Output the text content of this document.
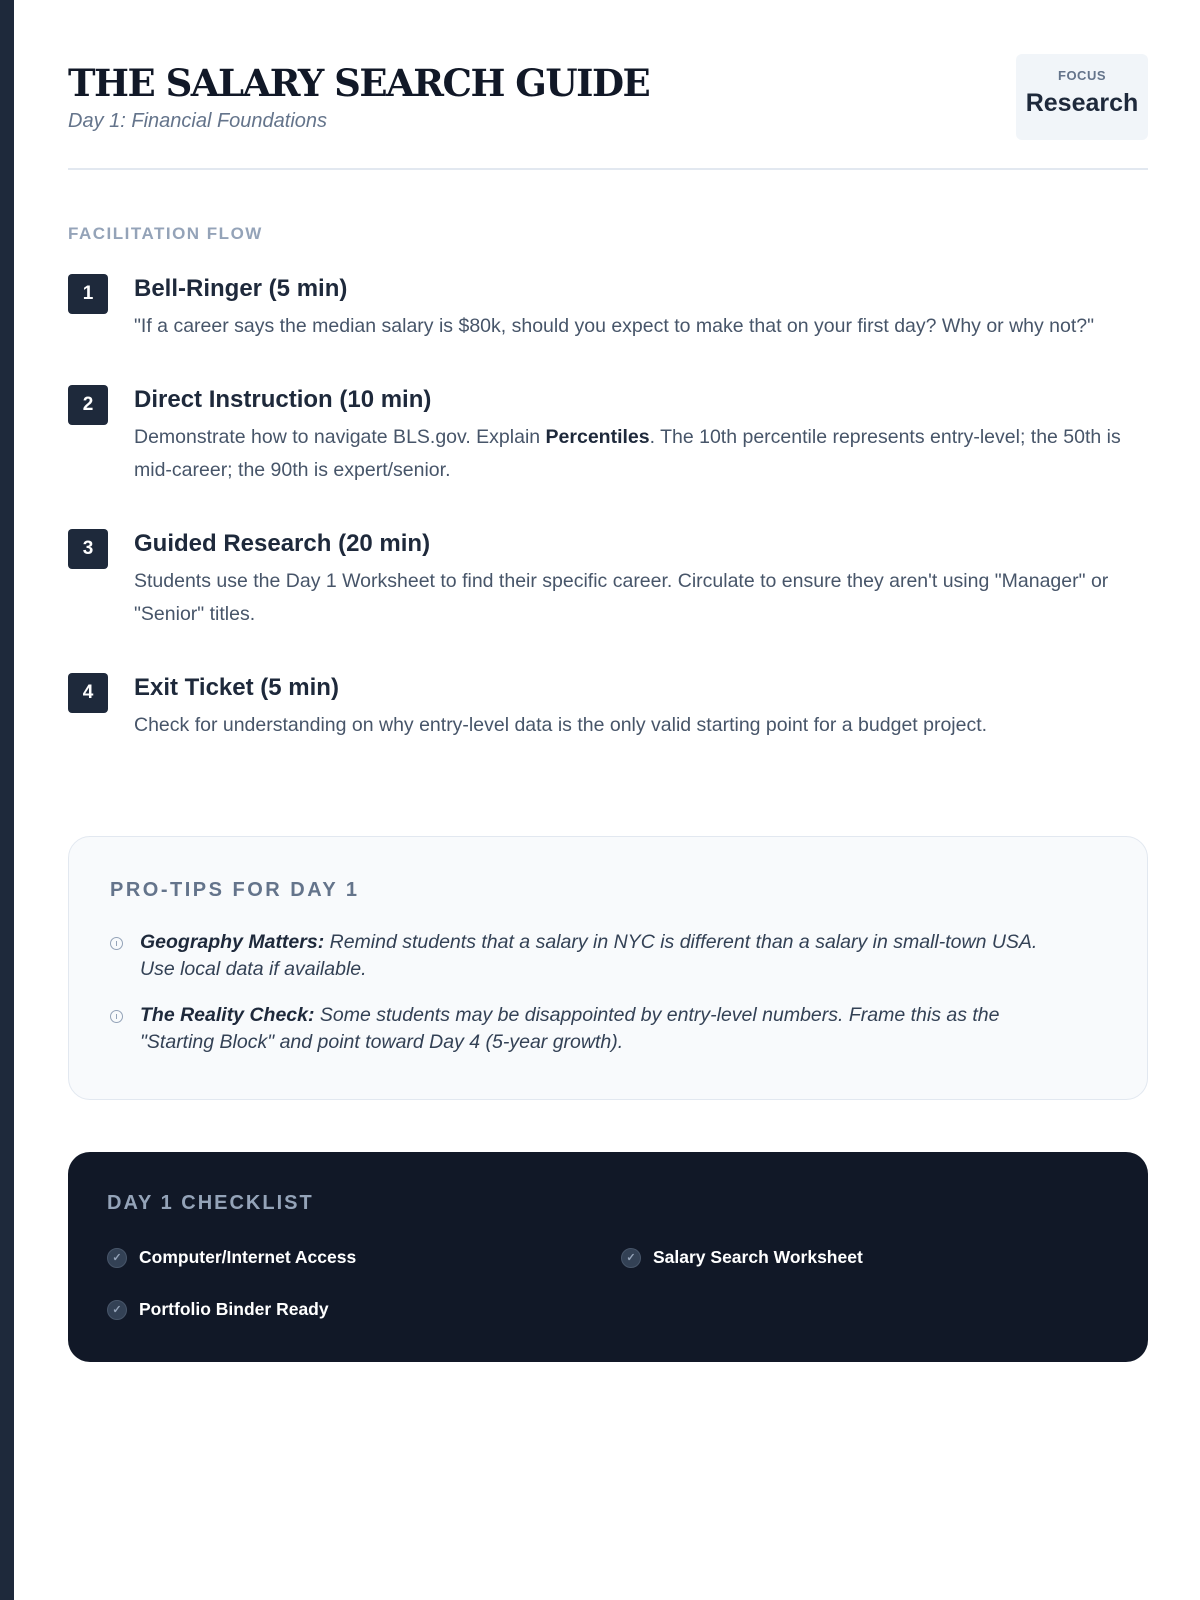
THE SALARY SEARCH GUIDE
Day 1: Financial Foundations
FOCUS
Research
FACILITATION FLOW
1	Bell-Ringer (5 min)
"If a career says the median salary is $80k, should you expect to make that on your first day? Why or why not?"
2	Direct Instruction (10 min)
Demonstrate how to navigate BLS.gov. Explain Percentiles. The 10th percentile represents entry-level; the 50th is mid-career; the 90th is expert/senior.
3	Guided Research (20 min)
Students use the Day 1 Worksheet to find their specific career. Circulate to ensure they aren't using "Manager" or "Senior" titles.
4	Exit Ticket (5 min)
Check for understanding on why entry-level data is the only valid starting point for a budget project.
PRO-TIPS FOR DAY 1
Geography Matters: Remind students that a salary in NYC is different than a salary in small-town USA. Use local data if available.
The Reality Check: Some students may be disappointed by entry-level numbers. Frame this as the "Starting Block" and point toward Day 4 (5-year growth).
DAY 1 CHECKLIST
✓ Computer/Internet Access	✓ Salary Search Worksheet
✓ Portfolio Binder Ready
